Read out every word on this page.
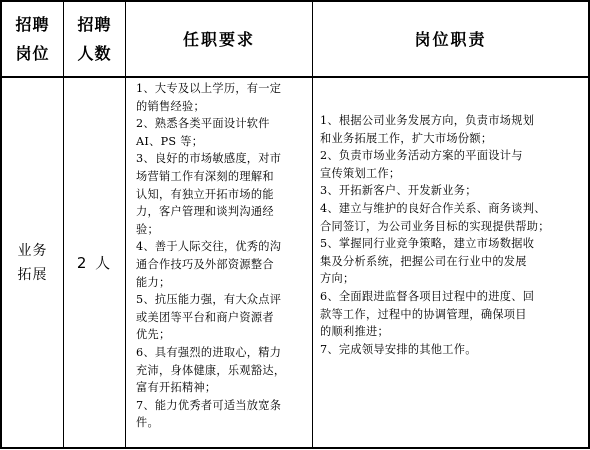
招聘
岗位
招聘
人数
任职要求	岗位职责
业务
拓展
2 人
1、大专及以上学历，有一定
的销售经验；
2、熟悉各类平面设计软件
AI、PS 等；
3、良好的市场敏感度，对市
场营销工作有深刻的理解和
认知，有独立开拓市场的能
力，客户管理和谈判沟通经
验；
4、善于人际交往，优秀的沟
通合作技巧及外部资源整合
能力；
5、抗压能力强，有大众点评
或美团等平台和商户资源者
优先；
6、具有强烈的进取心，精力
充沛，身体健康，乐观豁达，
富有开拓精神；
7、能力优秀者可适当放宽条
件。
1、根据公司业务发展方向，负责市场规划
和业务拓展工作，扩大市场份额；
2、负责市场业务活动方案的平面设计与
宣传策划工作；
3、开拓新客户、开发新业务；
4、建立与维护的良好合作关系、商务谈判、
合同签订，为公司业务目标的实现提供帮助；
5、掌握同行业竞争策略，建立市场数据收
集及分析系统，把握公司在行业中的发展
方向；
6、全面跟进监督各项目过程中的进度、回
款等工作，过程中的协调管理，确保项目
的顺利推进；
7、完成领导安排的其他工作。
